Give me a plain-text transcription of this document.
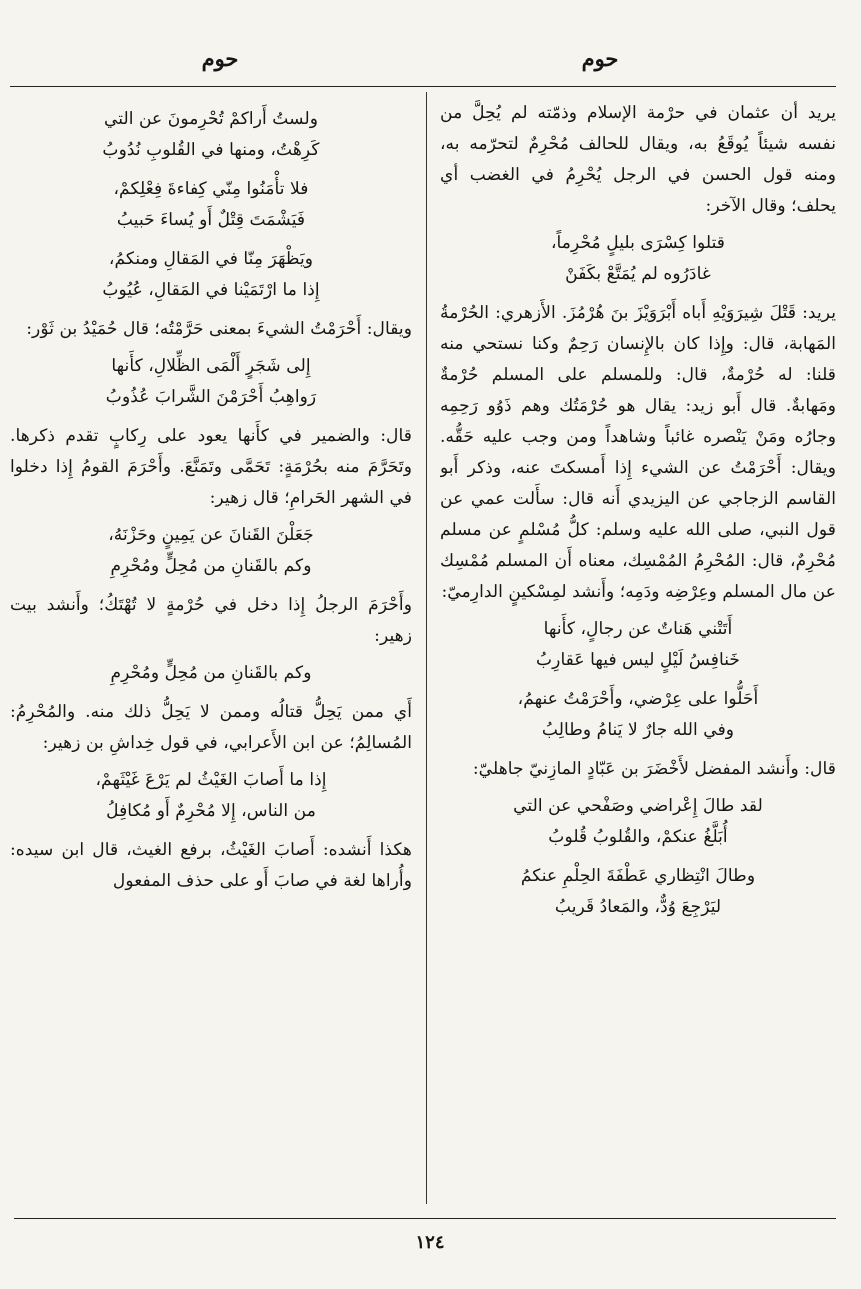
حوم
حوم

يريد أن عثمان في حرْمة الإسلام وذمّته لم يُحِلَّ من نفسه شيئاً يُوقَعُ به، ويقال للحالف مُحْرِمٌ لتحرّمه به، ومنه قول الحسن في الرجل يُحْرِمُ في الغضب أي يحلف؛ وقال الآخر:

قتلوا كِسْرَى بليلٍ مُحْرِماً،

غادَرُوه لم يُمَتَّعْ بكَفَنْ

يريد: قَتْلَ شِيرَوَيْهِ أَباه أَبْرَوَيْزَ بنَ هُرْمُزَ. الأَزهري: الحُرْمةُ المَهابة، قال: وإِذا كان بالإِنسان رَحِمٌ وكنا نستحي منه قلنا: له حُرْمةٌ، قال: وللمسلم على المسلم حُرْمةٌ ومَهابةٌ. قال أَبو زيد: يقال هو حُرْمَتُك وهم ذَوُو رَحِمِه وجارُه ومَنْ يَنْصره غائباً وشاهداً ومن وجب عليه حَقُّه. ويقال: أَحْرَمْتُ عن الشيء إِذا أَمسكتَ عنه، وذكر أَبو القاسم الزجاجي عن اليزيدي أَنه قال: سأَلت عمي عن قول النبي، صلى الله عليه وسلم: كلُّ مُسْلمٍ عن مسلم مُحْرِمٌ، قال: المُحْرِمُ المُمْسِك، معناه أَن المسلم مُمْسِك عن مال المسلم وعِرْضِه ودَمِه؛ وأَنشد لمِسْكينٍ الدارِميّ:

أَتَتْني هَناتٌ عن رجالٍ، كأَنها

خَنافِسُ لَيْلٍ ليس فيها عَقارِبُ

أَحَلُّوا على عِرْضي، وأَحْرَمْتُ عنهمُ،

وفي الله جارٌ لا يَنامُ وطالِبُ

قال: وأَنشد المفضل لأَخْضَرَ بن عَبّادٍ المازِنيّ جاهليّ:

لقد طالَ إِعْراضي وصَفْحي عن التي

أُبَلَّغُ عنكمْ، والقُلوبُ قُلوبُ

وطالَ انْتِظاري عَطْفَةَ الحِلْمِ عنكمُ

ليَرْجِعَ وُدٌّ، والمَعادُ قَريبُ

ولستُ أَراكمْ تُحْرِمونَ عن التي

كَرِهْتُ، ومنها في القُلوبِ نُدُوبُ

فلا تأْمَنُوا مِنّي كِفاءةَ فِعْلِكمْ،

فَيَشْمَتَ قِتْلٌ أَو يُساءَ حَبيبُ

ويَظْهَرَ مِنّا في المَقالِ ومنكمُ،

إِذا ما ارْتَمَيْنا في المَقالِ، عُيُوبُ

ويقال: أَحْرَمْتُ الشيءَ بمعنى حَرَّمْتُه؛ قال حُمَيْدُ بن ثَوْر:

إِلى شَجَرٍ أَلْمَى الظِّلالِ، كأَنها

رَواهِبُ أَحْرَمْنَ الشَّرابَ عُذُوبُ

قال: والضمير في كأَنها يعود على رِكابٍ تقدم ذكرها. وتَحَرَّمَ منه بحُرْمَةٍ: تَحَمَّى وتَمَنَّعَ. وأَحْرَمَ القومُ إِذا دخلوا في الشهر الحَرامِ؛ قال زهير:

جَعَلْنَ القَنانَ عن يَمِينٍ وحَزْنَهُ،

وكم بالقَنانِ من مُحِلٍّ ومُحْرِمِ

وأَحْرَمَ الرجلُ إِذا دخل في حُرْمةٍ لا تُهْتَكُ؛ وأَنشد بيت زهير:

وكم بالقَنانِ من مُحِلٍّ ومُحْرِمِ

أَي ممن يَحِلُّ قتالُه وممن لا يَحِلُّ ذلك منه. والمُحْرِمُ: المُسالِمُ؛ عن ابن الأَعرابي، في قول خِداشِ بن زهير:

إِذا ما أَصابَ الغَيْثُ لم يَرْعَ غَيْثَهمْ،

من الناس، إِلا مُحْرِمٌ أَو مُكافِلُ

هكذا أَنشده: أَصابَ الغَيْثُ، برفع الغيث، قال ابن سيده: وأُراها لغة في صابَ أَو على حذف المفعول

١٢٤
